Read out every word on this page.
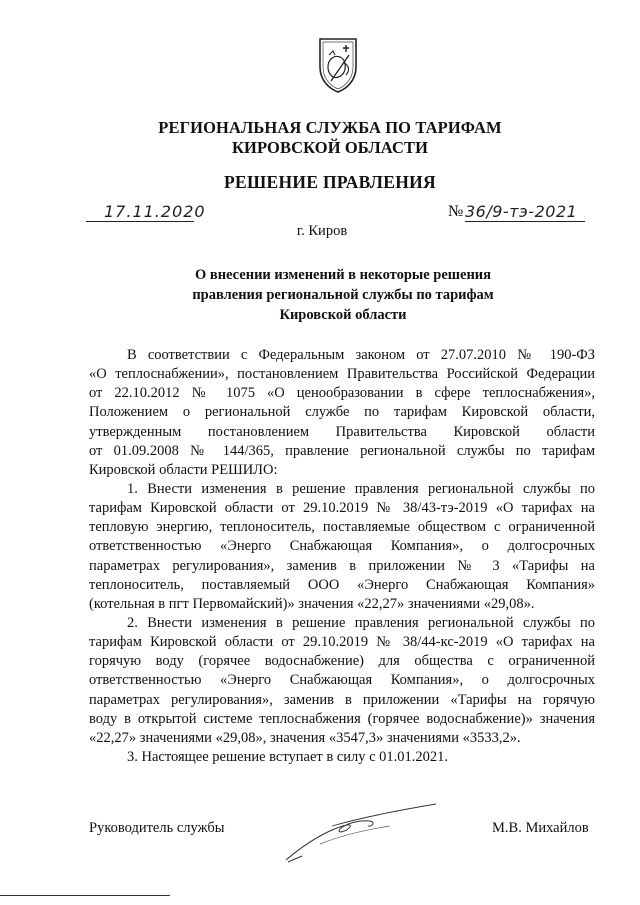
РЕГИОНАЛЬНАЯ СЛУЖБА ПО ТАРИФАМ
КИРОВСКОЙ ОБЛАСТИ
РЕШЕНИЕ ПРАВЛЕНИЯ
17.11.2020	№ 36/9-тэ-2021
г. Киров
О внесении изменений в некоторые решения
правления региональной службы по тарифам
Кировской области
В соответствии с Федеральным законом от 27.07.2010 № 190-ФЗ
«О теплоснабжении», постановлением Правительства Российской Федерации
от 22.10.2012 № 1075 «О ценообразовании в сфере теплоснабжения»,
Положением о региональной службе по тарифам Кировской области,
утвержденным постановлением Правительства Кировской области
от 01.09.2008 № 144/365, правление региональной службы по тарифам
Кировской области РЕШИЛО:
1. Внести изменения в решение правления региональной службы по
тарифам Кировской области от 29.10.2019 № 38/43-тэ-2019 «О тарифах на
тепловую энергию, теплоноситель, поставляемые обществом с ограниченной
ответственностью «Энерго Снабжающая Компания», о долгосрочных
параметрах регулирования», заменив в приложении № 3 «Тарифы на
теплоноситель, поставляемый ООО «Энерго Снабжающая Компания»
(котельная в пгт Первомайский)» значения «22,27» значениями «29,08».
2. Внести изменения в решение правления региональной службы по
тарифам Кировской области от 29.10.2019 № 38/44-кс-2019 «О тарифах на
горячую воду (горячее водоснабжение) для общества с ограниченной
ответственностью «Энерго Снабжающая Компания», о долгосрочных
параметрах регулирования», заменив в приложении «Тарифы на горячую
воду в открытой системе теплоснабжения (горячее водоснабжение)» значения
«22,27» значениями «29,08», значения «3547,3» значениями «3533,2».
3. Настоящее решение вступает в силу с 01.01.2021.
Руководитель службы	М.В. Михайлов
